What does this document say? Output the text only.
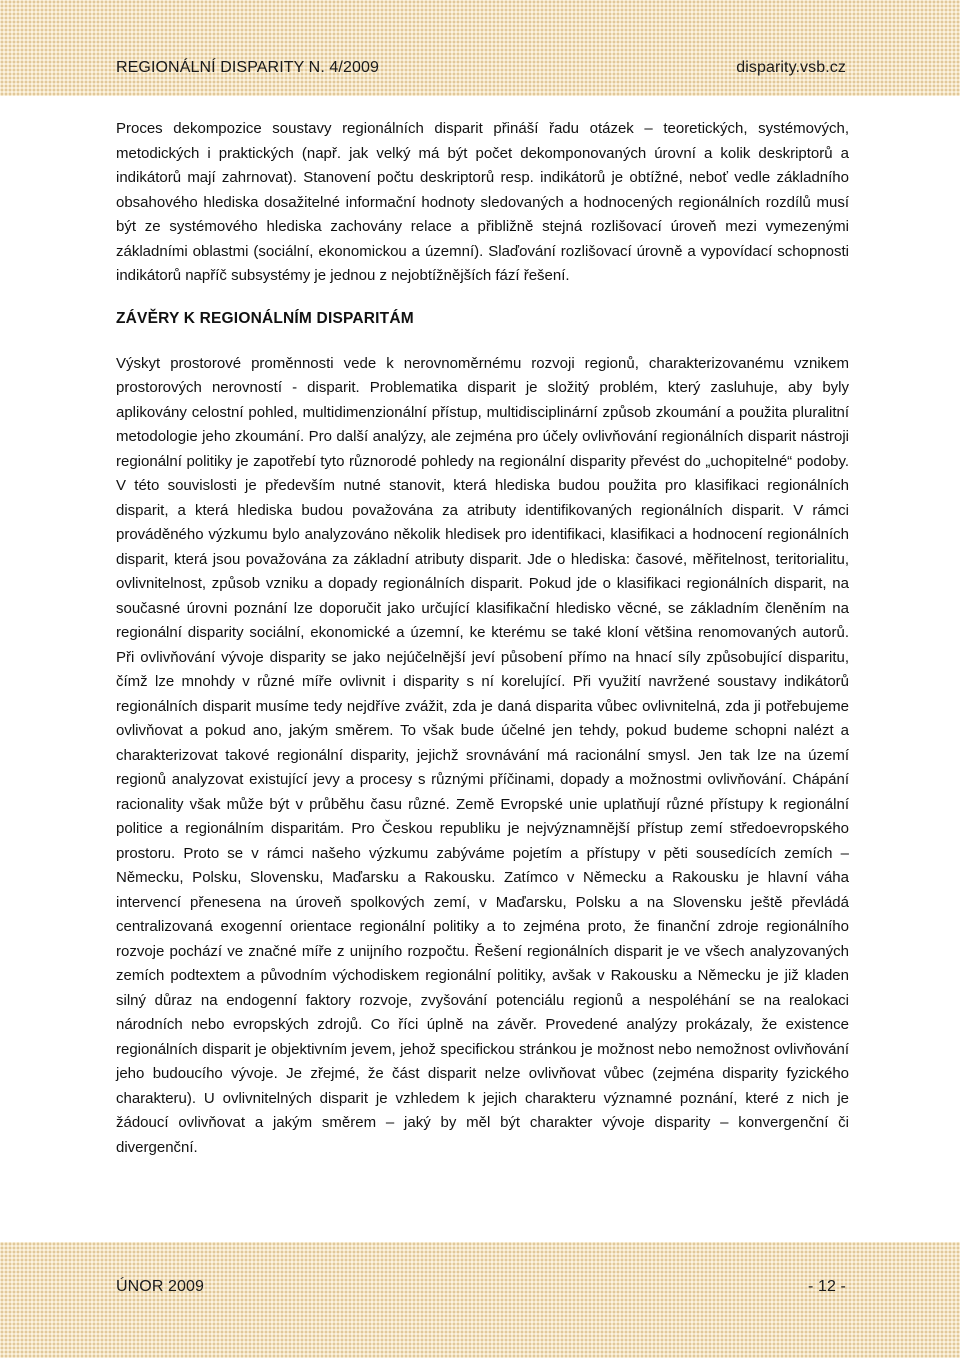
REGIONÁLNÍ DISPARITY N. 4/2009	disparity.vsb.cz

Proces dekompozice soustavy regionálních disparit přináší řadu otázek – teoretických, systémových, metodických i praktických (např. jak velký má být počet dekomponovaných úrovní a kolik deskriptorů a indikátorů mají zahrnovat). Stanovení počtu deskriptorů resp. indikátorů je obtížné, neboť vedle základního obsahového hlediska dosažitelné informační hodnoty sledovaných a hodnocených regionálních rozdílů musí být ze systémového hlediska zachovány relace a přibližně stejná rozlišovací úroveň mezi vymezenými základními oblastmi (sociální, ekonomickou a územní). Slaďování rozlišovací úrovně a vypovídací schopnosti indikátorů napříč subsystémy je jednou z nejobtížnějších fází řešení.

ZÁVĚRY K REGIONÁLNÍM DISPARITÁM

Výskyt prostorové proměnnosti vede k nerovnoměrnému rozvoji regionů, charakterizovanému vznikem prostorových nerovností - disparit. Problematika disparit je složitý problém, který zasluhuje, aby byly aplikovány celostní pohled, multidimenzionální přístup, multidisciplinární způsob zkoumání a použita pluralitní metodologie jeho zkoumání. Pro další analýzy, ale zejména pro účely ovlivňování regionálních disparit nástroji regionální politiky je zapotřebí tyto různorodé pohledy na regionální disparity převést do „uchopitelné“ podoby. V této souvislosti je především nutné stanovit, která hlediska budou použita pro klasifikaci regionálních disparit, a která hlediska budou považována za atributy identifikovaných regionálních disparit. V rámci prováděného výzkumu bylo analyzováno několik hledisek pro identifikaci, klasifikaci a hodnocení regionálních disparit, která jsou považována za základní atributy disparit. Jde o hlediska: časové, měřitelnost, teritorialitu, ovlivnitelnost, způsob vzniku a dopady regionálních disparit. Pokud jde o klasifikaci regionálních disparit, na současné úrovni poznání lze doporučit jako určující klasifikační hledisko věcné, se základním členěním na regionální disparity sociální, ekonomické a územní, ke kterému se také kloní většina renomovaných autorů. Při ovlivňování vývoje disparity se jako nejúčelnější jeví působení přímo na hnací síly způsobující disparitu, čímž lze mnohdy v různé míře ovlivnit i disparity s ní korelující. Při využití navržené soustavy indikátorů regionálních disparit musíme tedy nejdříve zvážit, zda je daná disparita vůbec ovlivnitelná, zda ji potřebujeme ovlivňovat a pokud ano, jakým směrem. To však bude účelné jen tehdy, pokud budeme schopni nalézt a charakterizovat takové regionální disparity, jejichž srovnávání má racionální smysl. Jen tak lze na území regionů analyzovat existující jevy a procesy s různými příčinami, dopady a možnostmi ovlivňování. Chápání racionality však může být v průběhu času různé. Země Evropské unie uplatňují různé přístupy k regionální politice a regionálním disparitám. Pro Českou republiku je nejvýznamnější přístup zemí středoevropského prostoru. Proto se v rámci našeho výzkumu zabýváme pojetím a přístupy v pěti sousedících zemích – Německu, Polsku, Slovensku, Maďarsku a Rakousku. Zatímco v Německu a Rakousku je hlavní váha intervencí přenesena na úroveň spolkových zemí, v Maďarsku, Polsku a na Slovensku ještě převládá centralizovaná exogenní orientace regionální politiky a to zejména proto, že finanční zdroje regionálního rozvoje pochází ve značné míře z unijního rozpočtu. Řešení regionálních disparit je ve všech analyzovaných zemích podtextem a původním východiskem regionální politiky, avšak v Rakousku a Německu je již kladen silný důraz na endogenní faktory rozvoje, zvyšování potenciálu regionů a nespoléhání se na realokaci národních nebo evropských zdrojů. Co říci úplně na závěr. Provedené analýzy prokázaly, že existence regionálních disparit je objektivním jevem, jehož specifickou stránkou je možnost nebo nemožnost ovlivňování jeho budoucího vývoje. Je zřejmé, že část disparit nelze ovlivňovat vůbec (zejména disparity fyzického charakteru). U ovlivnitelných disparit je vzhledem k jejich charakteru významné poznání, které z nich je žádoucí ovlivňovat a jakým směrem – jaký by měl být charakter vývoje disparity – konvergenční či divergenční.

ÚNOR 2009	- 12 -
